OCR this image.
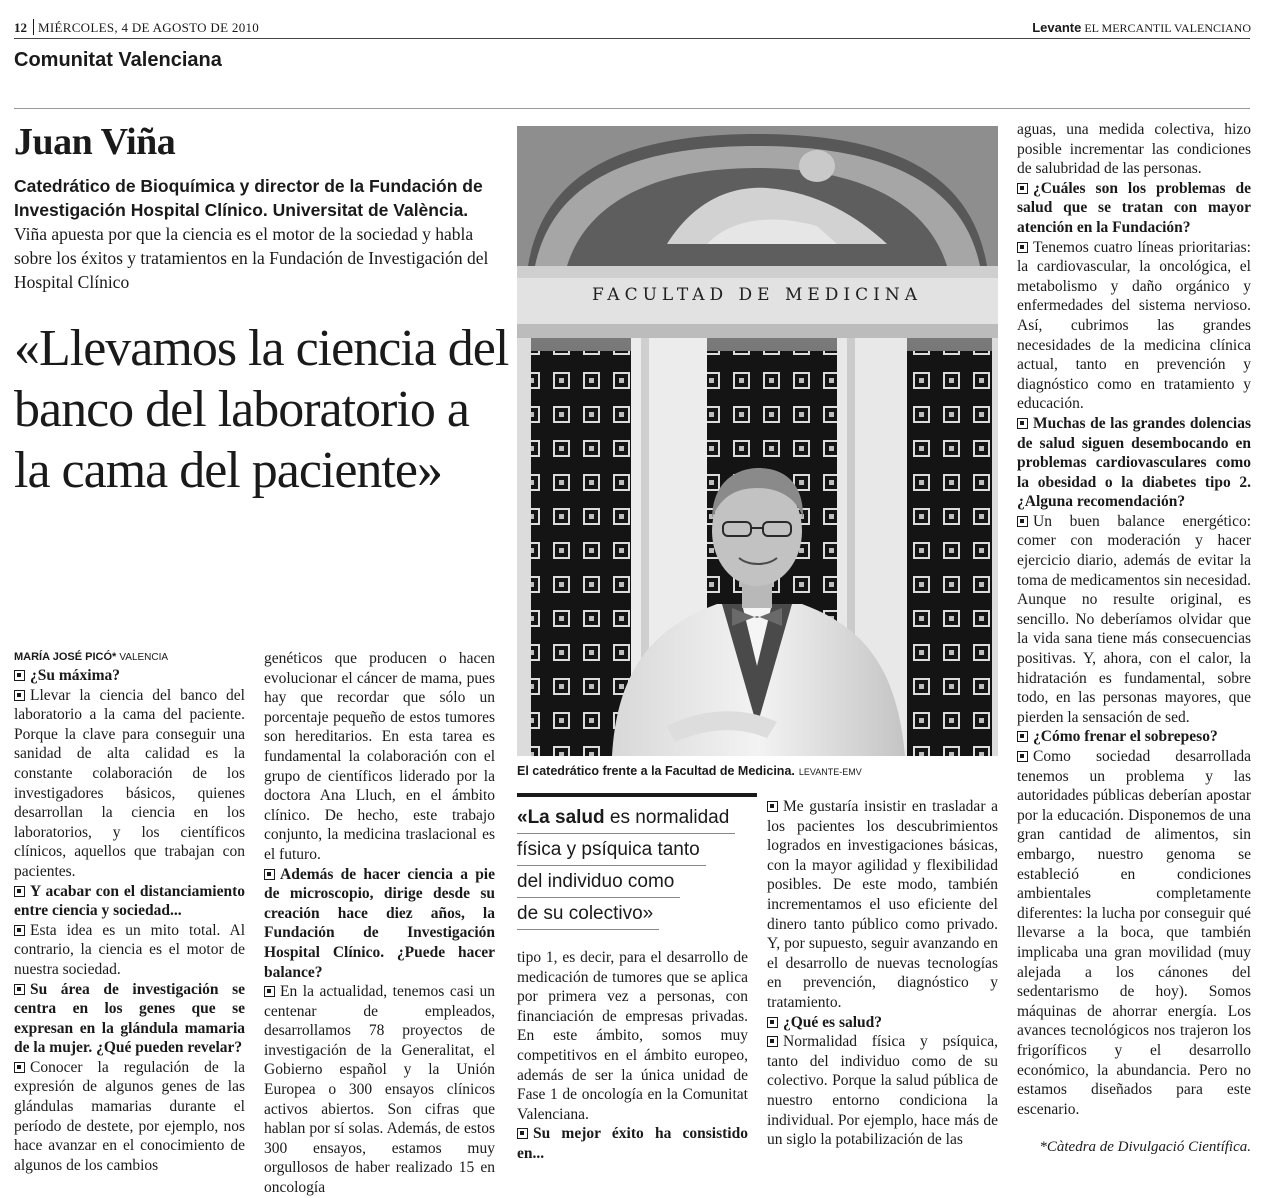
12 MIÉRCOLES, 4 DE AGOSTO DE 2010	Levante EL MERCANTIL VALENCIANO
Comunitat Valenciana
Juan Viña
Catedrático de Bioquímica y director de la Fundación de Investigación Hospital Clínico. Universitat de València. Viña apuesta por que la ciencia es el motor de la sociedad y habla sobre los éxitos y tratamientos en la Fundación de Investigación del Hospital Clínico
«Llevamos la ciencia del banco del laboratorio a la cama del paciente»
MARÍA JOSÉ PICÓ* VALENCIA

¿Su máxima?

Llevar la ciencia del banco del laboratorio a la cama del paciente. Porque la clave para conseguir una sanidad de alta calidad es la constante colaboración de los investigadores básicos, quienes desarrollan la ciencia en los laboratorios, y los científicos clínicos, aquellos que trabajan con pacientes.

Y acabar con el distanciamiento entre ciencia y sociedad...

Esta idea es un mito total. Al contrario, la ciencia es el motor de nuestra sociedad.

Su área de investigación se centra en los genes que se expresan en la glándula mamaria de la mujer. ¿Qué pueden revelar?

Conocer la regulación de la expresión de algunos genes de las glándulas mamarias durante el período de destete, por ejemplo, nos hace avanzar en el conocimiento de algunos de los cambios

genéticos que producen o hacen evolucionar el cáncer de mama, pues hay que recordar que sólo un porcentaje pequeño de estos tumores son hereditarios. En esta tarea es fundamental la colaboración con el grupo de científicos liderado por la doctora Ana Lluch, en el ámbito clínico. De hecho, este trabajo conjunto, la medicina traslacional es el futuro.

Además de hacer ciencia a pie de microscopio, dirige desde su creación hace diez años, la Fundación de Investigación Hospital Clínico. ¿Puede hacer balance?

En la actualidad, tenemos casi un centenar de empleados, desarrollamos 78 proyectos de investigación de la Generalitat, el Gobierno español y la Unión Europea o 300 ensayos clínicos activos abiertos. Son cifras que hablan por sí solas. Además, de estos 300 ensayos, estamos muy orgullosos de haber realizado 15 en oncología

FACULTAD DE MEDICINA
El catedrático frente a la Facultad de Medicina. LEVANTE-EMV
«La salud es normalidad
física y psíquica tanto
del individuo como
de su colectivo»

tipo 1, es decir, para el desarrollo de medicación de tumores que se aplica por primera vez a personas, con financiación de empresas privadas. En este ámbito, somos muy competitivos en el ámbito europeo, además de ser la única unidad de Fase 1 de oncología en la Comunitat Valenciana.

Su mejor éxito ha consistido en...

Me gustaría insistir en trasladar a los pacientes los descubrimientos logrados en investigaciones básicas, con la mayor agilidad y flexibilidad posibles. De este modo, también incrementamos el uso eficiente del dinero tanto público como privado. Y, por supuesto, seguir avanzando en el desarrollo de nuevas tecnologías en prevención, diagnóstico y tratamiento.

¿Qué es salud?

Normalidad física y psíquica, tanto del individuo como de su colectivo. Porque la salud pública de nuestro entorno condiciona la individual. Por ejemplo, hace más de un siglo la potabilización de las

aguas, una medida colectiva, hizo posible incrementar las condiciones de salubridad de las personas.

¿Cuáles son los problemas de salud que se tratan con mayor atención en la Fundación?

Tenemos cuatro líneas prioritarias: la cardiovascular, la oncológica, el metabolismo y daño orgánico y enfermedades del sistema nervioso. Así, cubrimos las grandes necesidades de la medicina clínica actual, tanto en prevención y diagnóstico como en tratamiento y educación.

Muchas de las grandes dolencias de salud siguen desembocando en problemas cardiovasculares como la obesidad o la diabetes tipo 2. ¿Alguna recomendación?

Un buen balance energético: comer con moderación y hacer ejercicio diario, además de evitar la toma de medicamentos sin necesidad. Aunque no resulte original, es sencillo. No deberíamos olvidar que la vida sana tiene más consecuencias positivas. Y, ahora, con el calor, la hidratación es fundamental, sobre todo, en las personas mayores, que pierden la sensación de sed.

¿Cómo frenar el sobrepeso?

Como sociedad desarrollada tenemos un problema y las autoridades públicas deberían apostar por la educación. Disponemos de una gran cantidad de alimentos, sin embargo, nuestro genoma se estableció en condiciones ambientales completamente diferentes: la lucha por conseguir qué llevarse a la boca, que también implicaba una gran movilidad (muy alejada a los cánones del sedentarismo de hoy). Somos máquinas de ahorrar energía. Los avances tecnológicos nos trajeron los frigoríficos y el desarrollo económico, la abundancia. Pero no estamos diseñados para este escenario.

*Càtedra de Divulgació Científica.
